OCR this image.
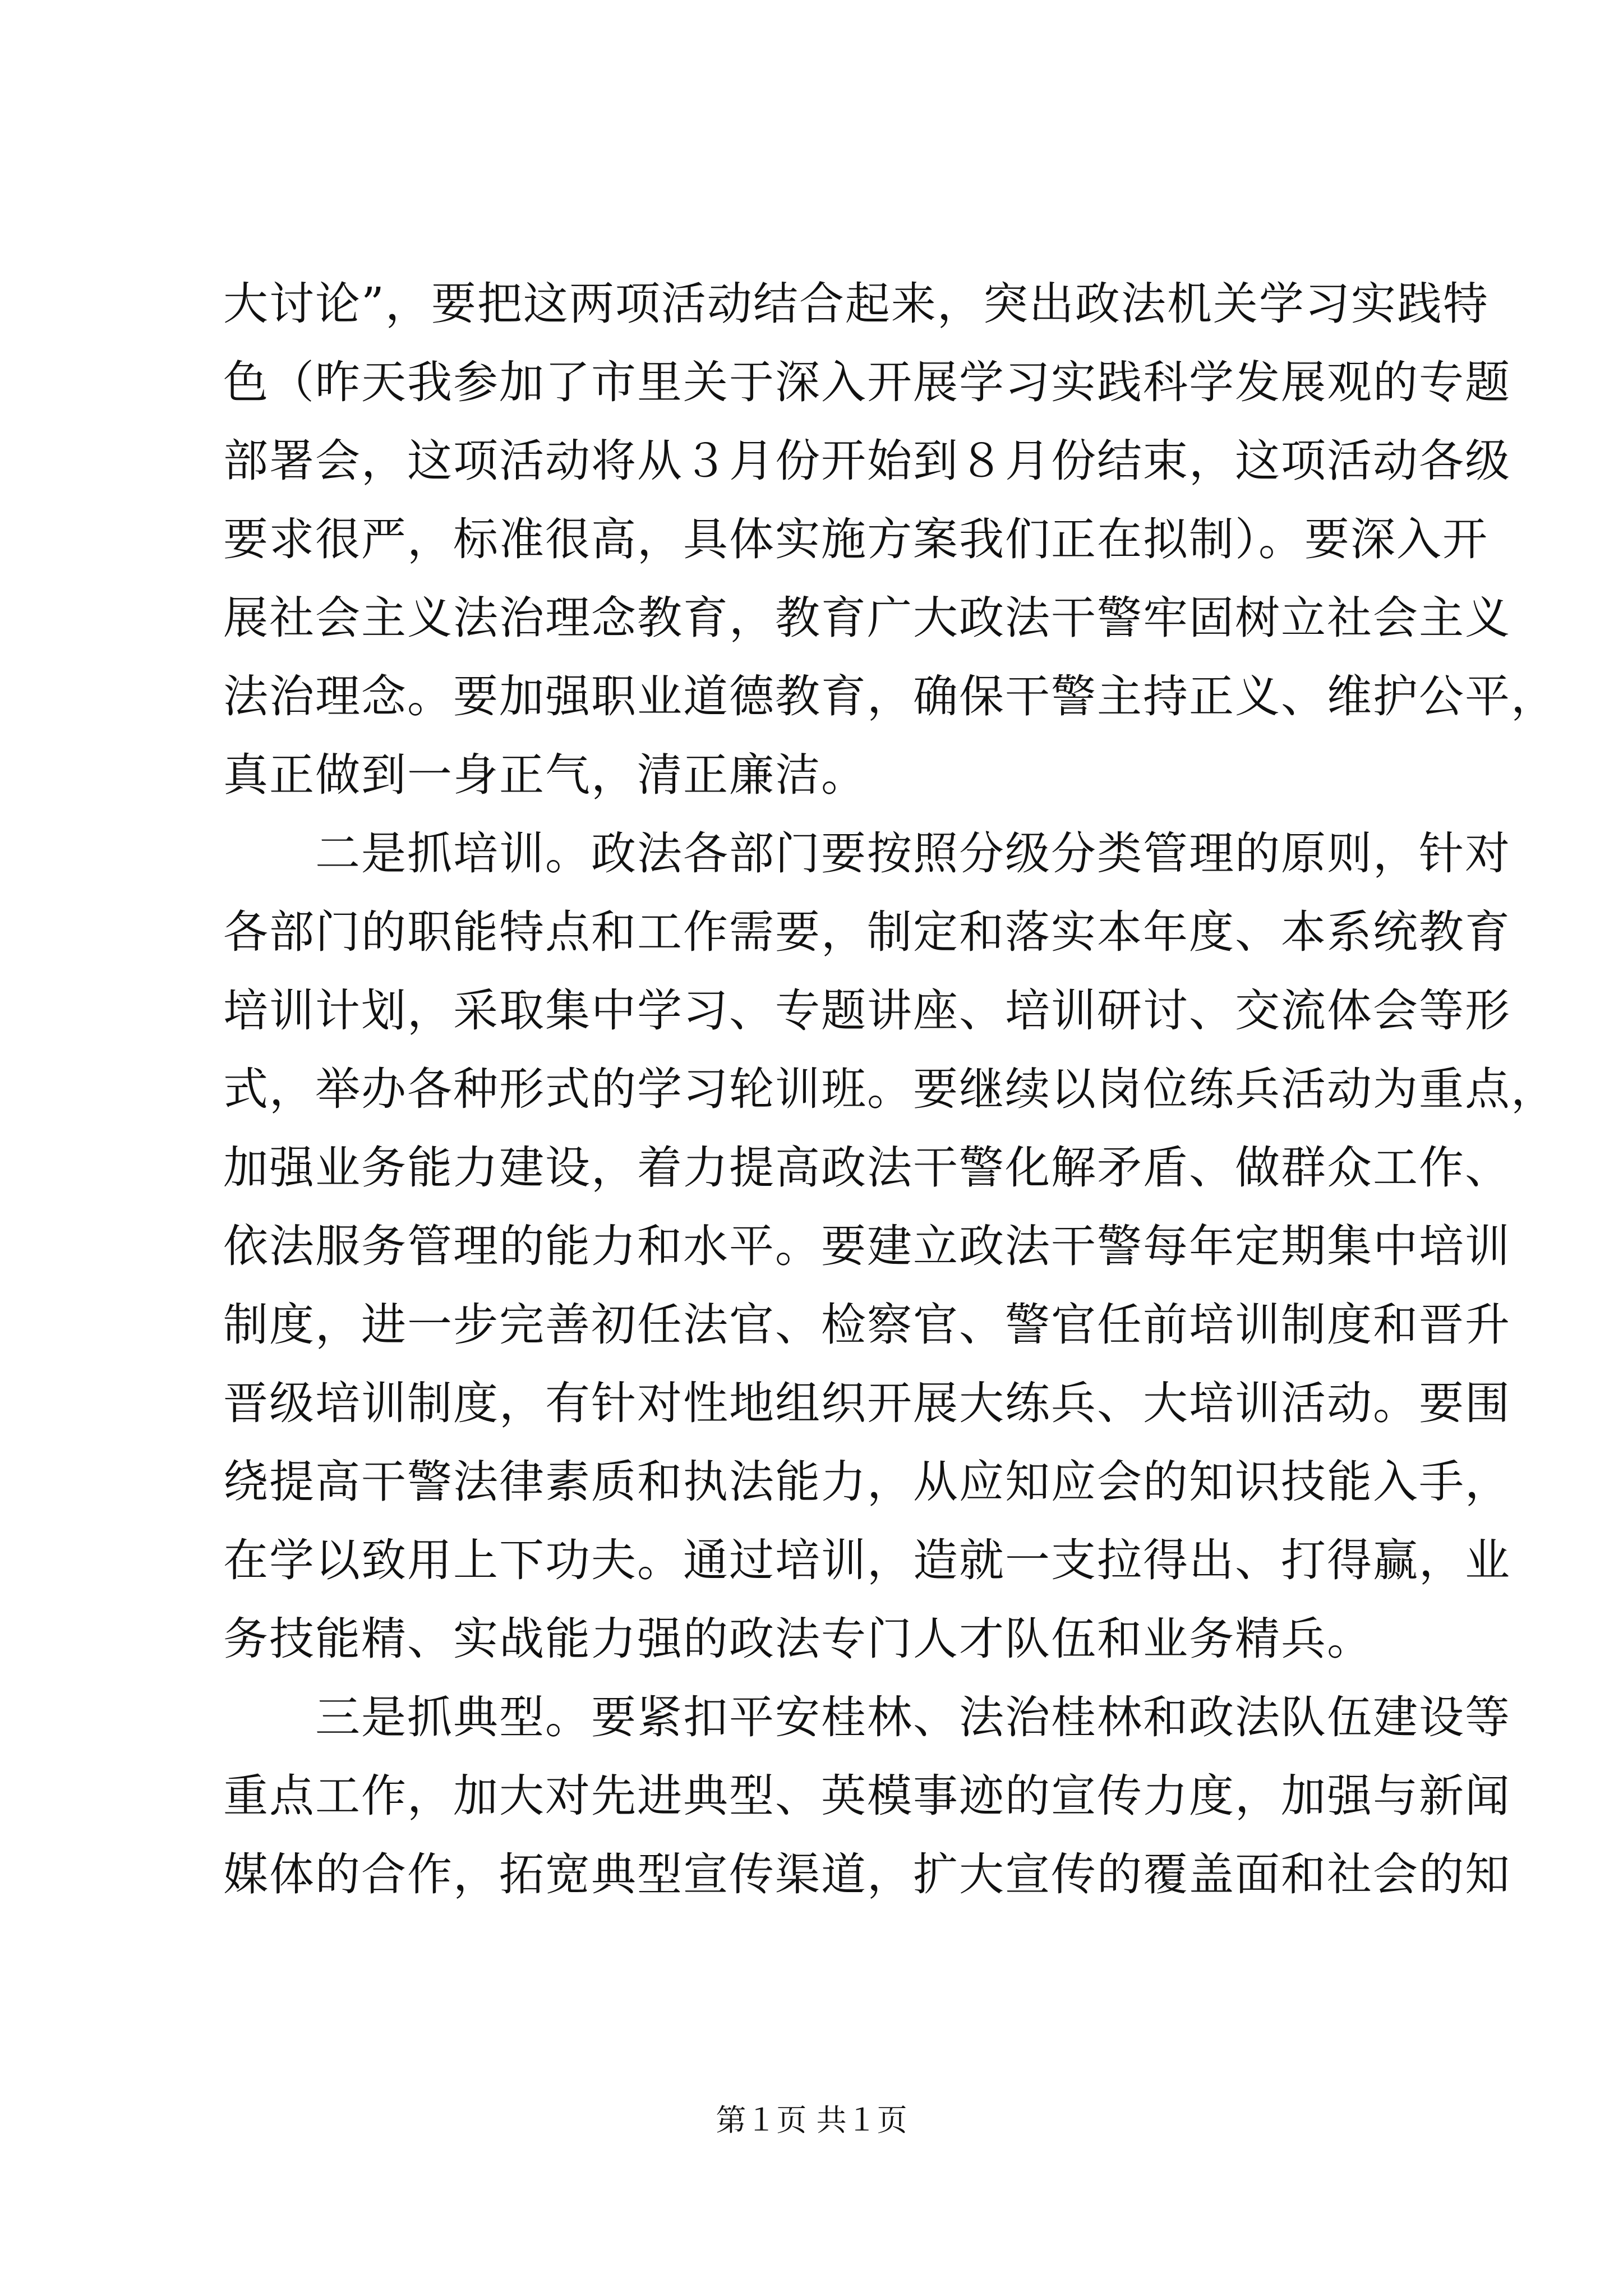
大讨论”，要把这两项活动结合起来，突出政法机关学习实践特
色（昨天我参加了市里关于深入开展学习实践科学发展观的专题
部署会，这项活动将从３月份开始到８月份结束，这项活动各级
要求很严，标准很高，具体实施方案我们正在拟制）。要深入开
展社会主义法治理念教育，教育广大政法干警牢固树立社会主义
法治理念。要加强职业道德教育，确保干警主持正义、维护公平，
真正做到一身正气，清正廉洁。
　　二是抓培训。政法各部门要按照分级分类管理的原则，针对
各部门的职能特点和工作需要，制定和落实本年度、本系统教育
培训计划，采取集中学习、专题讲座、培训研讨、交流体会等形
式，举办各种形式的学习轮训班。要继续以岗位练兵活动为重点，
加强业务能力建设，着力提高政法干警化解矛盾、做群众工作、
依法服务管理的能力和水平。要建立政法干警每年定期集中培训
制度，进一步完善初任法官、检察官、警官任前培训制度和晋升
晋级培训制度，有针对性地组织开展大练兵、大培训活动。要围
绕提高干警法律素质和执法能力，从应知应会的知识技能入手，
在学以致用上下功夫。通过培训，造就一支拉得出、打得赢，业
务技能精、实战能力强的政法专门人才队伍和业务精兵。
　　三是抓典型。要紧扣平安桂林、法治桂林和政法队伍建设等
重点工作，加大对先进典型、英模事迹的宣传力度，加强与新闻
媒体的合作，拓宽典型宣传渠道，扩大宣传的覆盖面和社会的知
第１页 共１页
